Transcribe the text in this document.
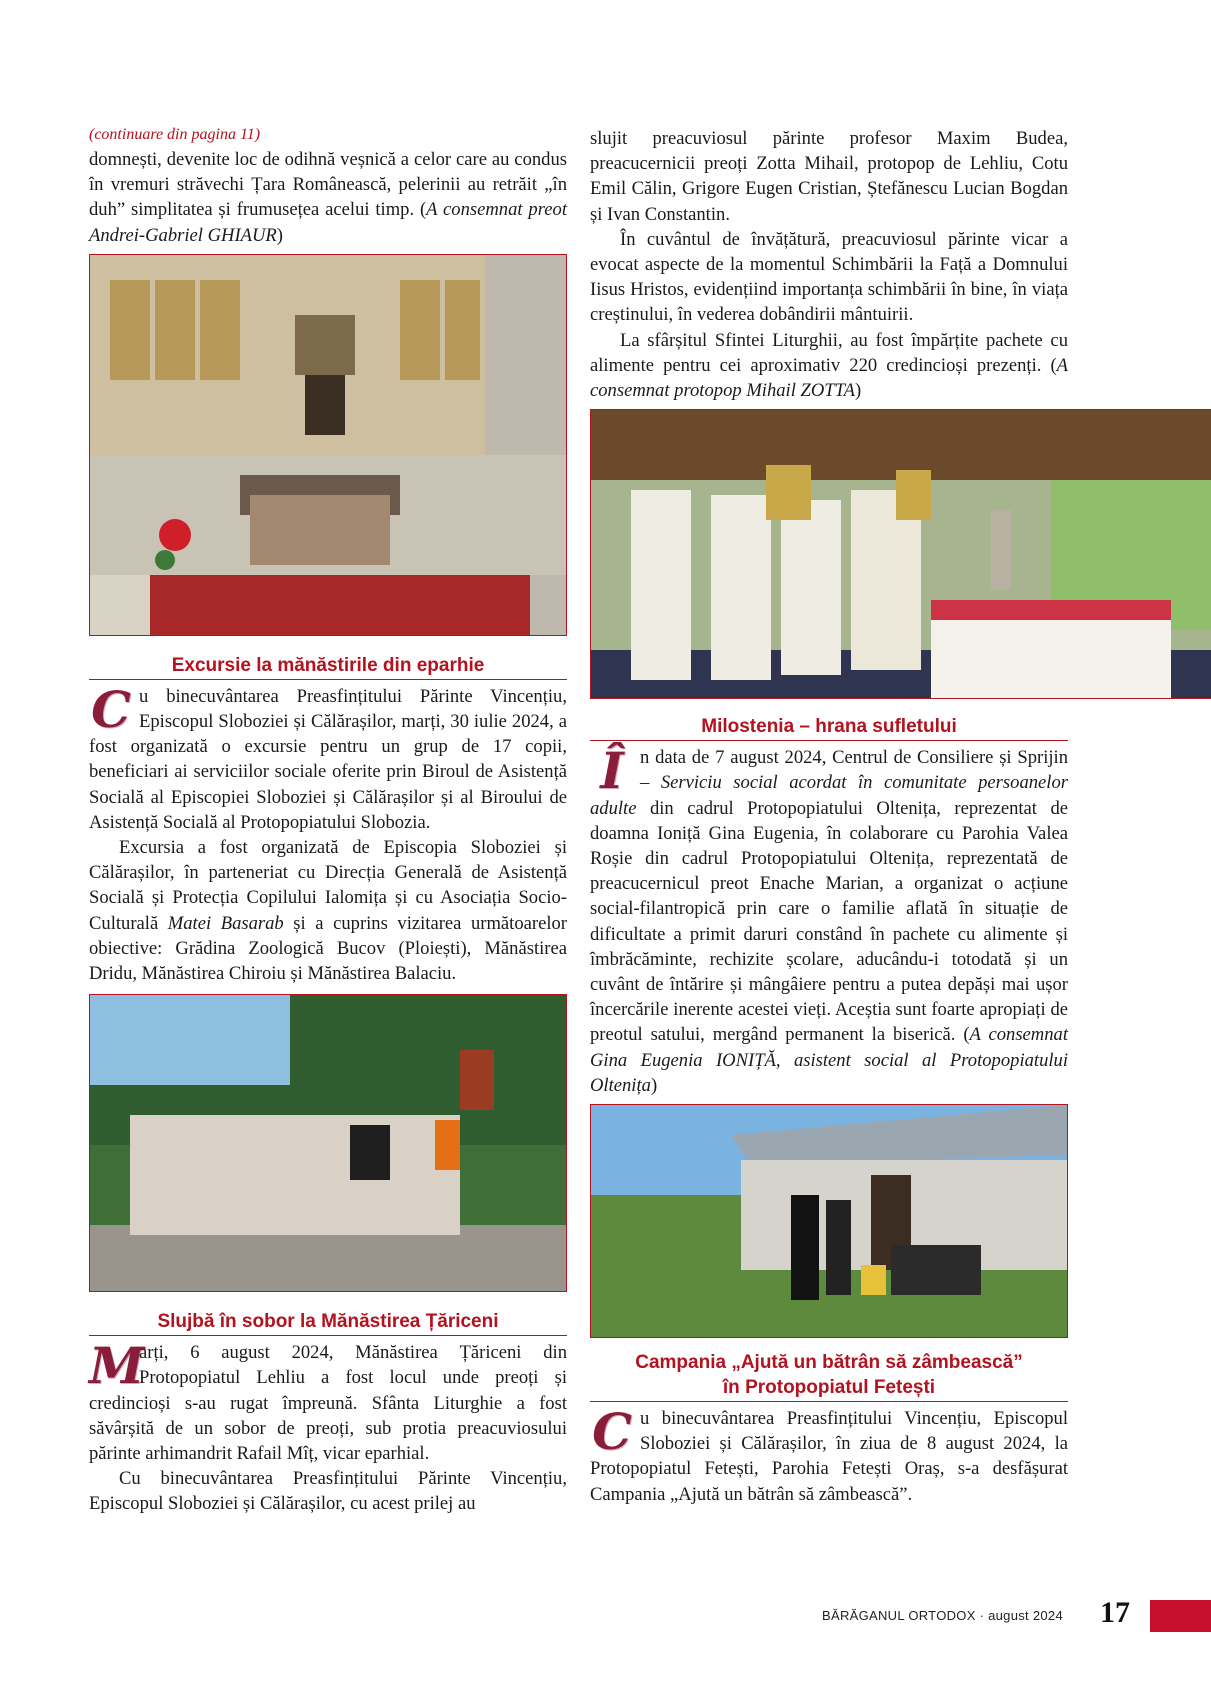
(continuare din pagina 11)

domnești, devenite loc de odihnă veșnică a celor care au condus în vremuri străvechi Țara Românească, pelerinii au retrăit „în duh” simplitatea și frumusețea acelui timp. (A consemnat preot Andrei-Gabriel GHIAUR)

Excursie la mănăstirile din eparhie

Cu binecuvântarea Preasfințitului Părinte Vincențiu, Episcopul Sloboziei și Călărașilor, marți, 30 iulie 2024, a fost organizată o excursie pentru un grup de 17 copii, beneficiari ai serviciilor sociale oferite prin Biroul de Asistență Socială al Episcopiei Sloboziei și Călărașilor și al Biroului de Asistență Socială al Protopopiatului Slobozia.

Excursia a fost organizată de Episcopia Sloboziei și Călărașilor, în parteneriat cu Direcția Generală de Asistență Socială și Protecția Copilului Ialomița și cu Asociația Socio-Culturală Matei Basarab și a cuprins vizitarea următoarelor obiective: Grădina Zoologică Bucov (Ploiești), Mănăstirea Dridu, Mănăstirea Chiroiu și Mănăstirea Balaciu.

Slujbă în sobor la Mănăstirea Țăriceni

M
arți, 6 august 2024, Mănăstirea Țăriceni din Protopopiatul Lehliu a fost locul unde preoți și credincioși s-au rugat împreună. Sfânta Liturghie a fost săvârșită de un sobor de preoți, sub protia preacuviosului părinte arhimandrit Rafail Mîț, vicar eparhial.

Cu binecuvântarea Preasfințitului Părinte Vincențiu, Episcopul Sloboziei și Călărașilor, cu acest prilej au

slujit preacuviosul părinte profesor Maxim Budea, preacucernicii preoți Zotta Mihail, protopop de Lehliu, Cotu Emil Călin, Grigore Eugen Cristian, Ștefănescu Lucian Bogdan și Ivan Constantin.

În cuvântul de învățătură, preacuviosul părinte vicar a evocat aspecte de la momentul Schimbării la Față a Domnului Iisus Hristos, evidențiind importanța schimbării în bine, în viața creștinului, în vederea dobândirii mântuirii.

La sfârșitul Sfintei Liturghii, au fost împărțite pachete cu alimente pentru cei aproximativ 220 credincioși prezenți. (A consemnat protopop Mihail ZOTTA)

Milostenia – hrana sufletului

În data de 7 august 2024, Centrul de Consiliere și Sprijin – Serviciu social acordat în comunitate persoanelor adulte din cadrul Protopopiatului Oltenița, reprezentat de doamna Ioniță Gina Eugenia, în colaborare cu Parohia Valea Roșie din cadrul Protopopiatului Oltenița, reprezentată de preacucernicul preot Enache Marian, a organizat o acțiune social-filantropică prin care o familie aflată în situație de dificultate a primit daruri constând în pachete cu alimente și îmbrăcăminte, rechizite școlare, aducându-i totodată și un cuvânt de întărire și mângâiere pentru a putea depăși mai ușor încercările inerente acestei vieți. Aceștia sunt foarte apropiați de preotul satului, mergând permanent la biserică. (A consemnat Gina Eugenia IONIȚĂ, asistent social al Protopopiatului Oltenița)

Campania „Ajută un bătrân să zâmbească”
în Protopopiatul Fetești

Cu binecuvântarea Preasfințitului Vincențiu, Episcopul Sloboziei și Călărașilor, în ziua de 8 august 2024, la Protopopiatul Fetești, Parohia Fetești Oraș, s-a desfășurat Campania „Ajută un bătrân să zâmbească”.

BĂRĂGANUL ORTODOX · august 2024 17
